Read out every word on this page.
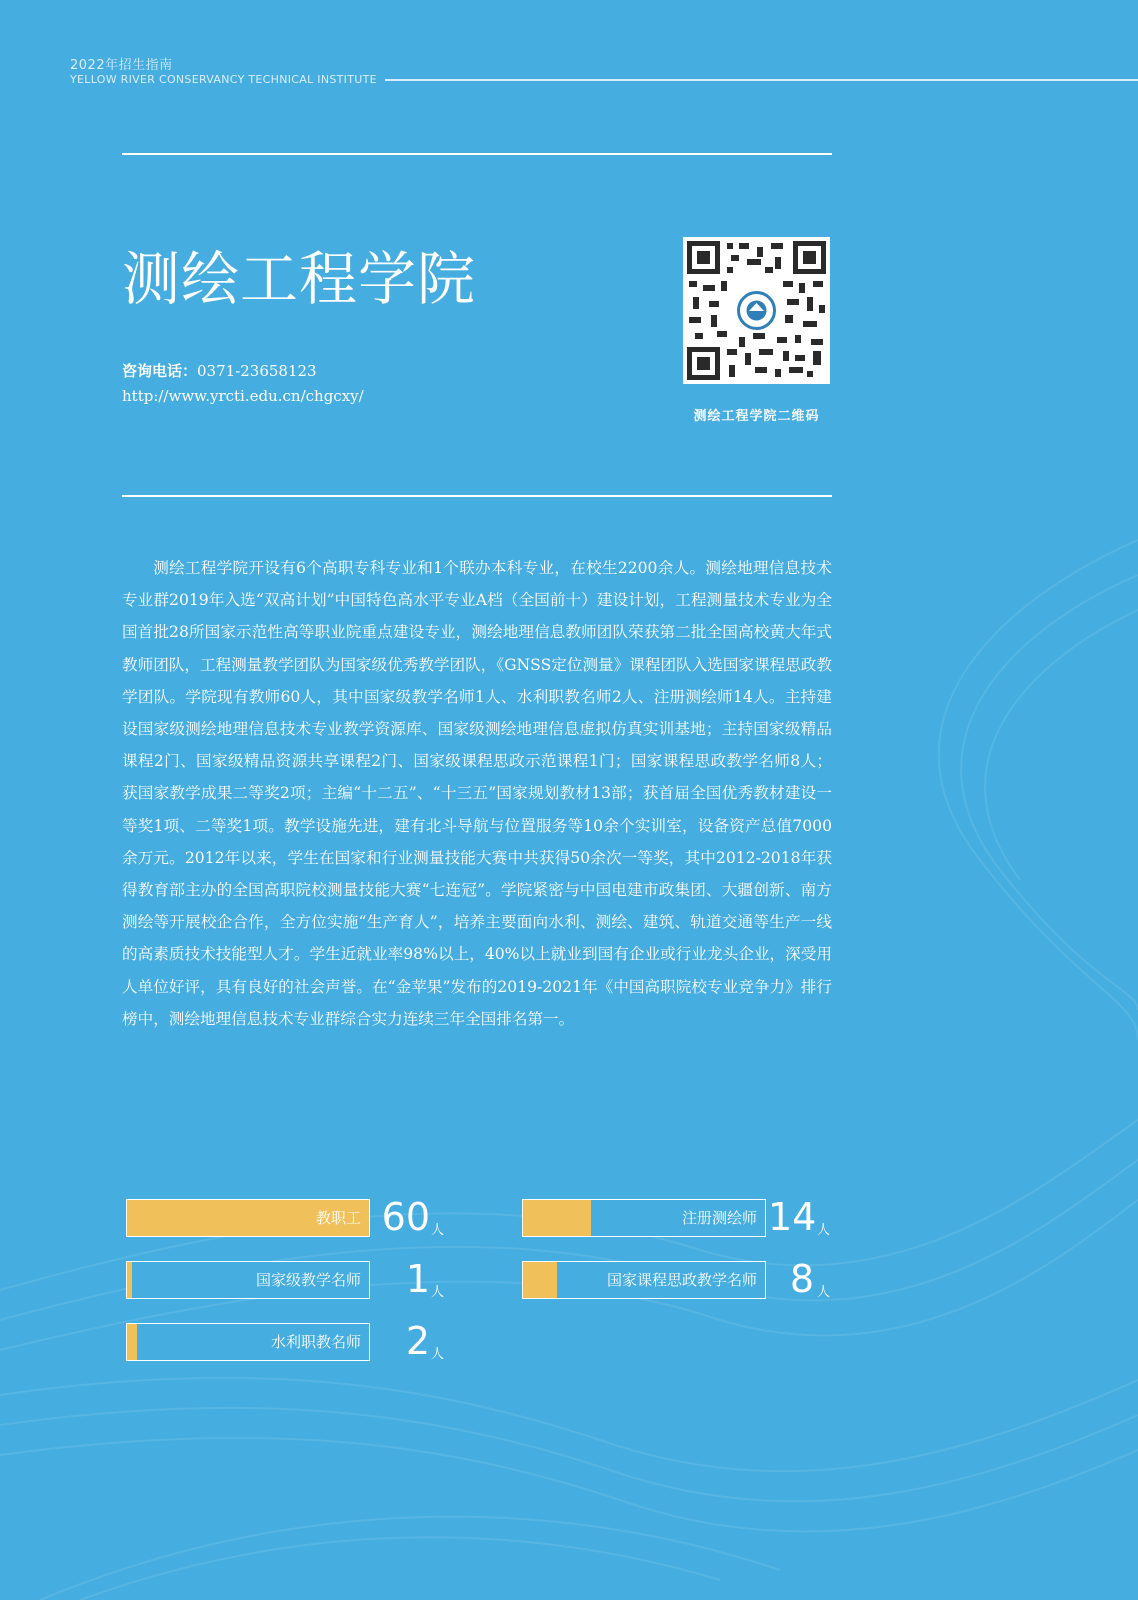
2022年招生指南
YELLOW RIVER CONSERVANCY TECHNICAL INSTITUTE
测绘工程学院
咨询电话：0371-23658123
http://www.yrcti.edu.cn/chgcxy/
测绘工程学院二维码
测绘工程学院开设有6个高职专科专业和1个联办本科专业，在校生2200余人。测绘地理信息技术专业群2019年入选“双高计划”中国特色高水平专业A档（全国前十）建设计划，工程测量技术专业为全国首批28所国家示范性高等职业院重点建设专业，测绘地理信息教师团队荣获第二批全国高校黄大年式教师团队，工程测量教学团队为国家级优秀教学团队，《GNSS定位测量》课程团队入选国家课程思政教学团队。学院现有教师60人，其中国家级教学名师1人、水利职教名师2人、注册测绘师14人。主持建设国家级测绘地理信息技术专业教学资源库、国家级测绘地理信息虚拟仿真实训基地；主持国家级精品课程2门、国家级精品资源共享课程2门、国家级课程思政示范课程1门；国家课程思政教学名师8人；获国家教学成果二等奖2项；主编“十二五”、“十三五”国家规划教材13部；获首届全国优秀教材建设一等奖1项、二等奖1项。教学设施先进，建有北斗导航与位置服务等10余个实训室，设备资产总值7000余万元。2012年以来，学生在国家和行业测量技能大赛中共获得50余次一等奖，其中2012-2018年获得教育部主办的全国高职院校测量技能大赛“七连冠”。学院紧密与中国电建市政集团、大疆创新、南方测绘等开展校企合作，全方位实施“生产育人”，培养主要面向水利、测绘、建筑、轨道交通等生产一线的高素质技术技能型人才。学生近就业率98%以上，40%以上就业到国有企业或行业龙头企业，深受用人单位好评，具有良好的社会声誉。在“金苹果”发布的2019-2021年《中国高职院校专业竞争力》排行榜中，测绘地理信息技术专业群综合实力连续三年全国排名第一。
教职工 60 人
注册测绘师 14 人
国家级教学名师	1 人
国家课程思政教学名师 8 人
水利职教名师	2 人
